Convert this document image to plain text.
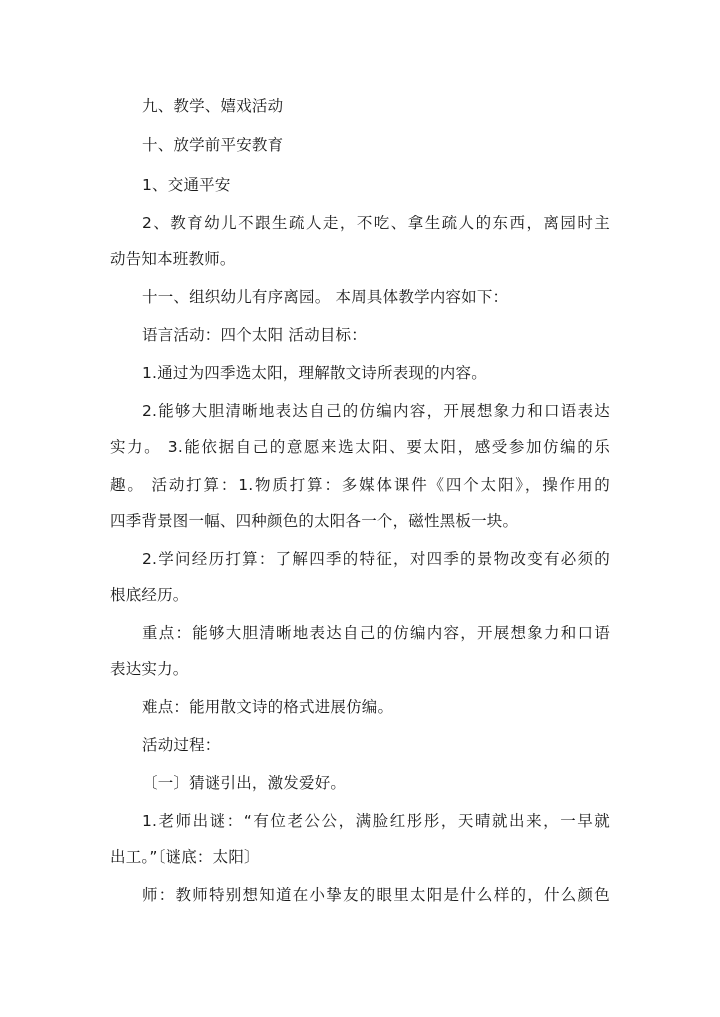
九、教学、嬉戏活动
十、放学前平安教育
1、交通平安
2、教育幼儿不跟生疏人走，不吃、拿生疏人的东西，离园时主
动告知本班教师。
十一、组织幼儿有序离园。 本周具体教学内容如下：
语言活动：四个太阳 活动目标：
1.通过为四季选太阳，理解散文诗所表现的内容。
2.能够大胆清晰地表达自己的仿编内容，开展想象力和口语表达
实力。 3.能依据自己的意愿来选太阳、要太阳，感受参加仿编的乐
趣。 活动打算：1.物质打算：多媒体课件《四个太阳》，操作用的
四季背景图一幅、四种颜色的太阳各一个，磁性黑板一块。
2.学问经历打算：了解四季的特征，对四季的景物改变有必须的
根底经历。
重点：能够大胆清晰地表达自己的仿编内容，开展想象力和口语
表达实力。
难点：能用散文诗的格式进展仿编。
活动过程：
〔一〕猜谜引出，激发爱好。
1.老师出谜：“有位老公公，满脸红彤彤，天晴就出来，一早就
出工。”〔谜底：太阳〕
师：教师特别想知道在小挚友的眼里太阳是什么样的，什么颜色
